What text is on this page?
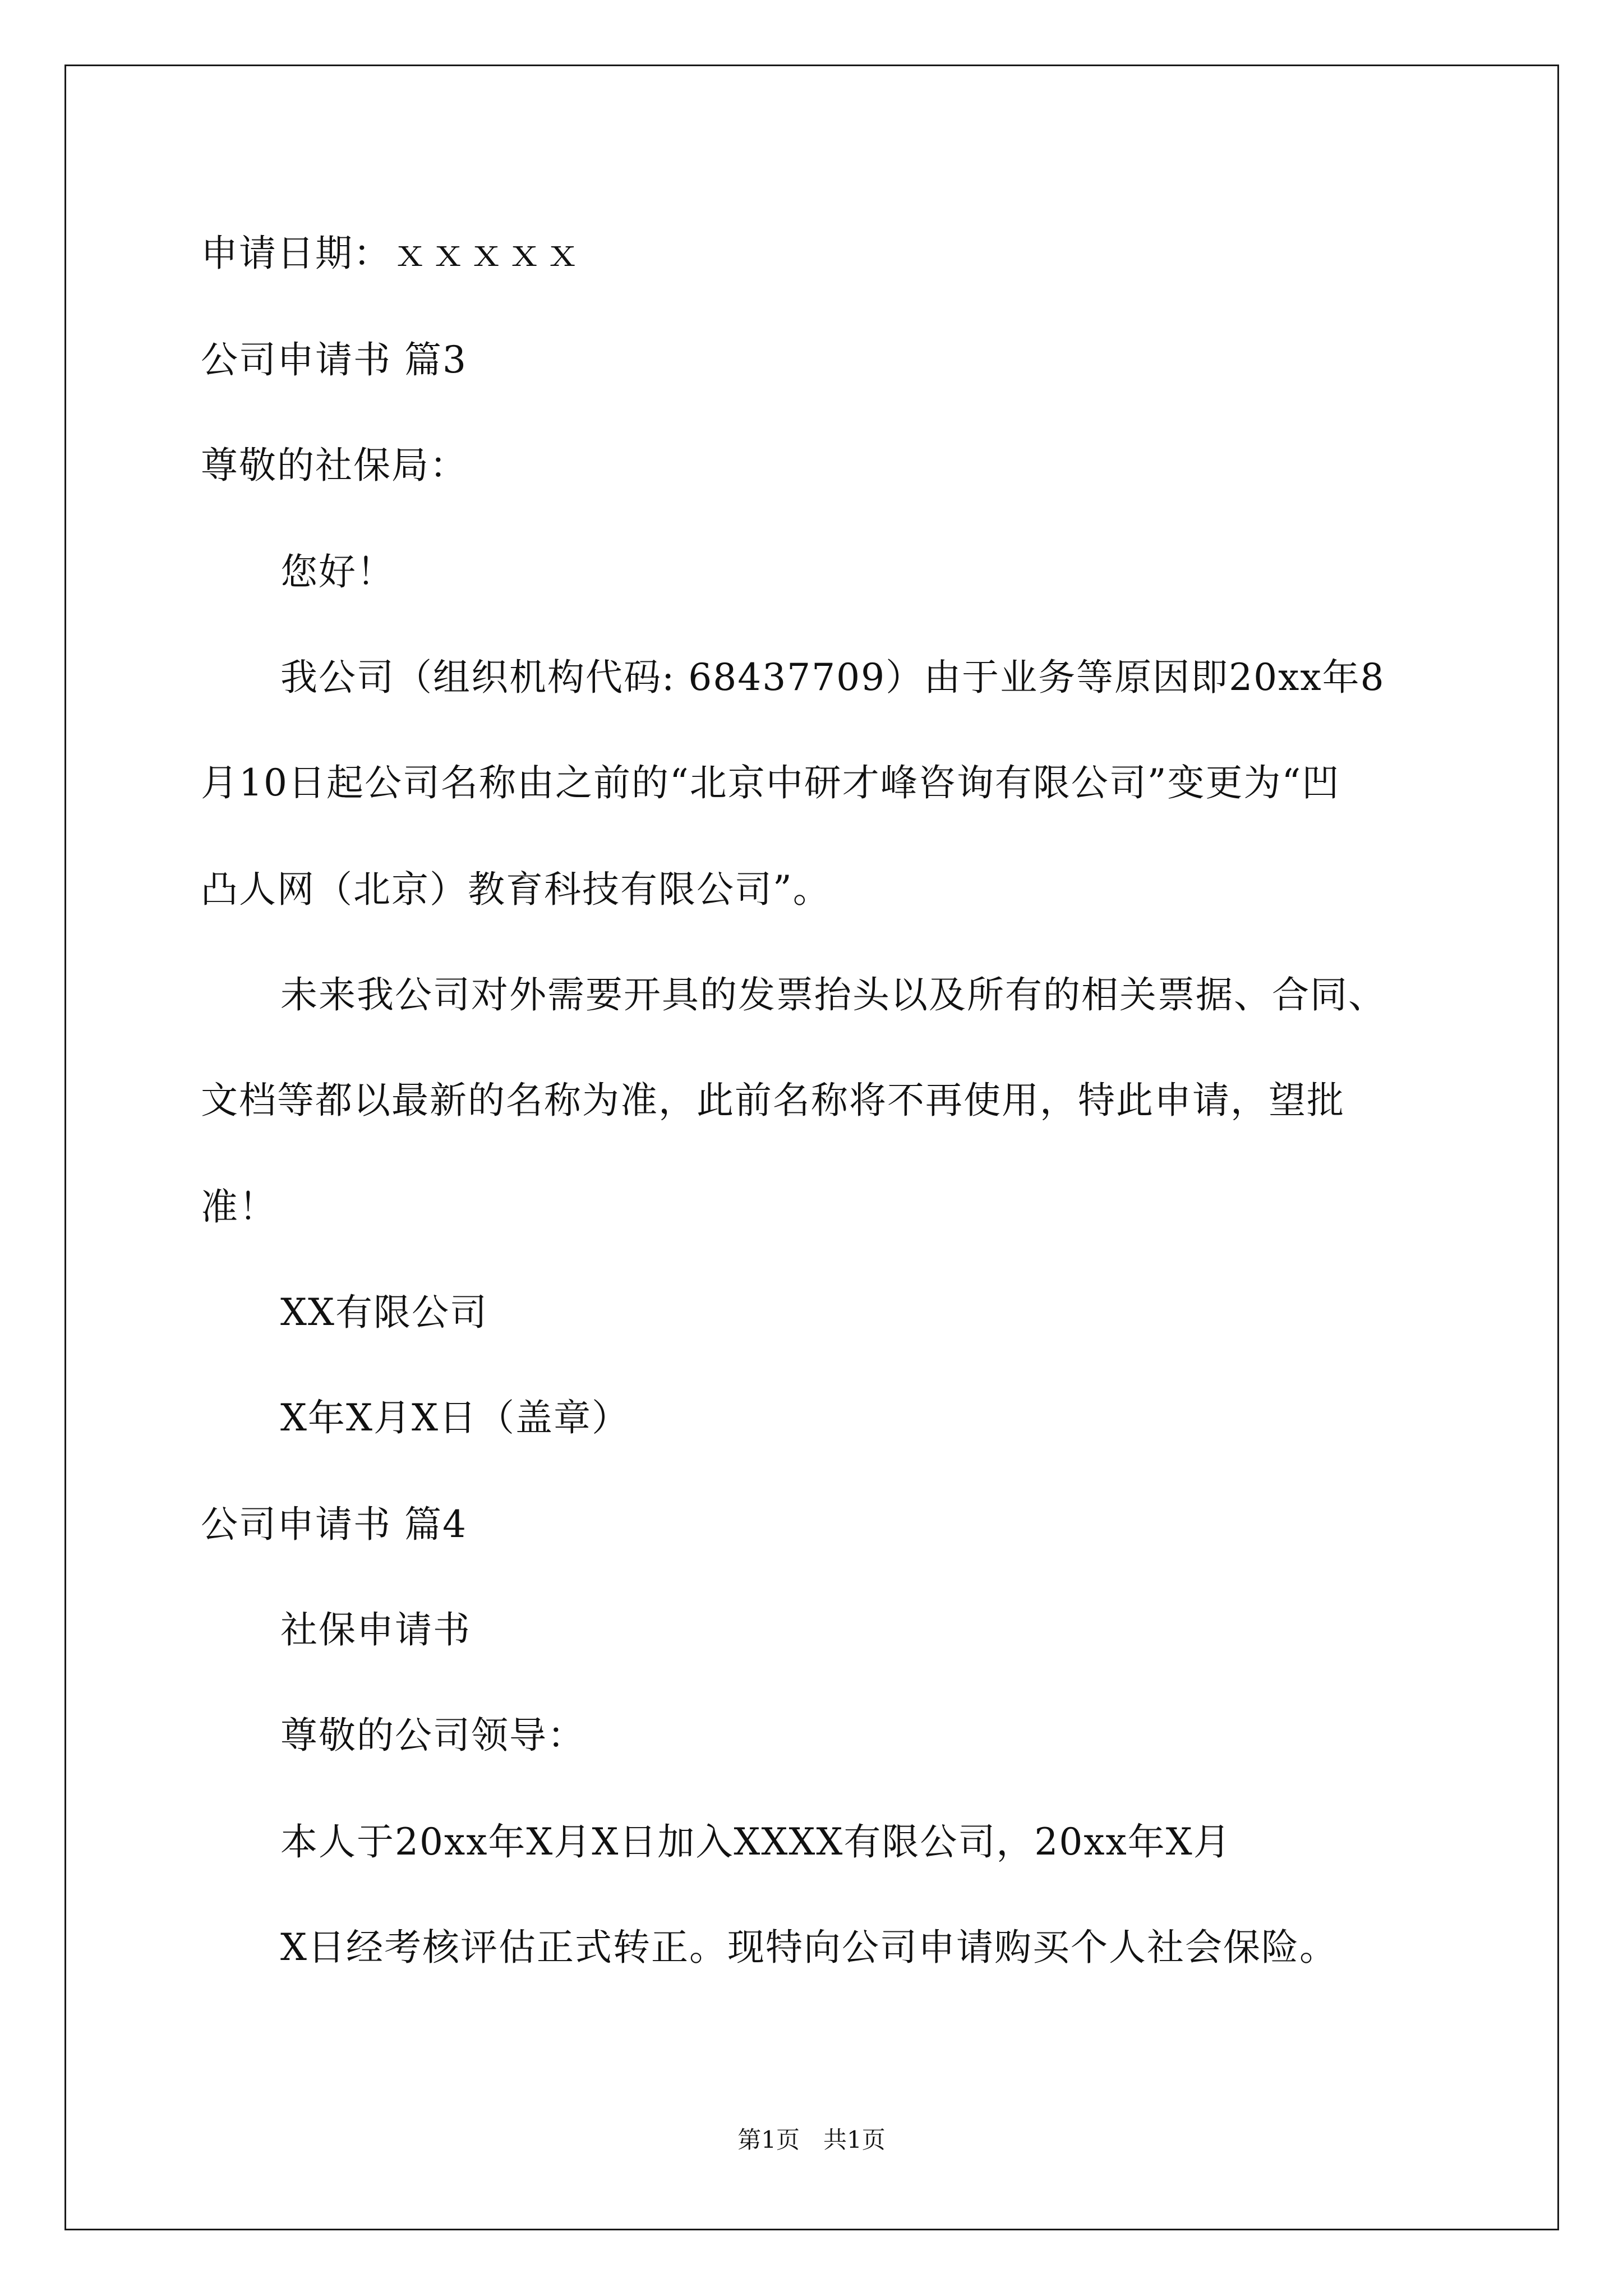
申请日期：ｘｘｘｘｘ
公司申请书 篇3
尊敬的社保局：
您好！
我公司（组织机构代码: 68437709）由于业务等原因即20xx年8
月10日起公司名称由之前的“北京中研才峰咨询有限公司”变更为“凹
凸人网（北京）教育科技有限公司”。
未来我公司对外需要开具的发票抬头以及所有的相关票据、合同、
文档等都以最新的名称为准，此前名称将不再使用，特此申请，望批
准！
XX有限公司
X年X月X日（盖章）
公司申请书 篇4
社保申请书
尊敬的公司领导：
本人于20xx年X月X日加入XXXX有限公司，20xx年X月
X日经考核评估正式转正。现特向公司申请购买个人社会保险。
第1页　共1页
